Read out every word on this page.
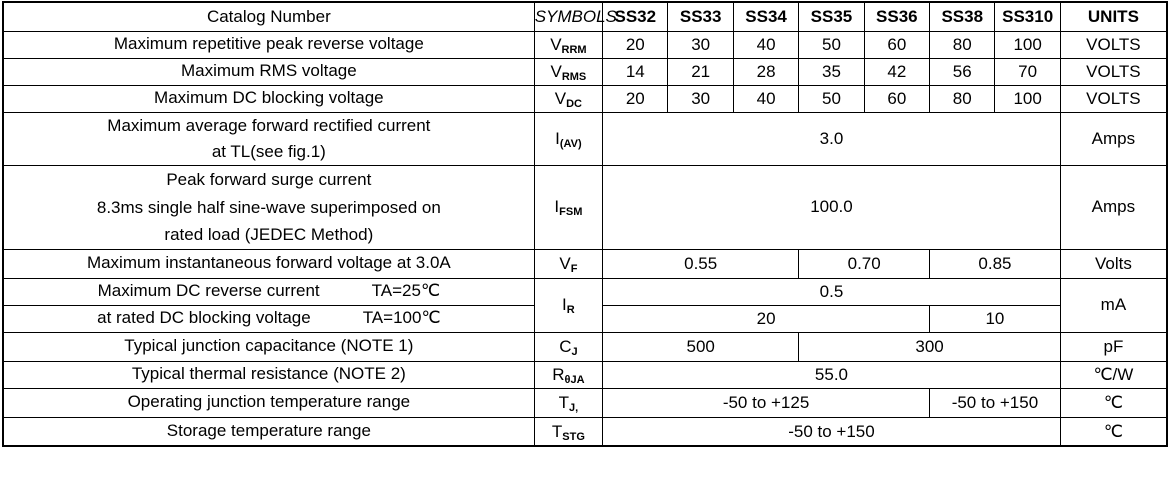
Catalog Number	SYMBOLS	SS32	SS33	SS34	SS35	SS36	SS38	SS310	UNITS
Maximum repetitive peak reverse voltage	$V_{RRM}$	20	30	40	50	60	80	100	VOLTS
Maximum RMS voltage	$V_{RMS}$	14	21	28	35	42	56	70	VOLTS
Maximum DC blocking voltage	$V_{DC}$	20	30	40	50	60	80	100	VOLTS

Maximum average forward rectified current
at TL(see fig.1)	$I_{(AV)}$	3.0							Amps

Peak forward surge current
8.3ms single half sine-wave superimposed on
rated load (JEDEC Method)	$I_{FSM}$	100.0							Amps
Maximum instantaneous forward voltage at 3.0A	$V_F$	0.55			0.70		0.85		Volts
Maximum DC reverse current TA=25℃	$I_R$	0.5							mA
at rated DC blocking voltage TA=100℃		20					10		
Typical junction capacitance (NOTE 1)	$C_J$	500			300				pF
Typical thermal resistance (NOTE 2)	$R_{\theta JA}$	55.0							℃/W
Operating junction temperature range	$T_{J,}$	-50 to +125					-50 to +150		℃
Storage temperature range	$T_{STG}$	-50 to +150							℃
